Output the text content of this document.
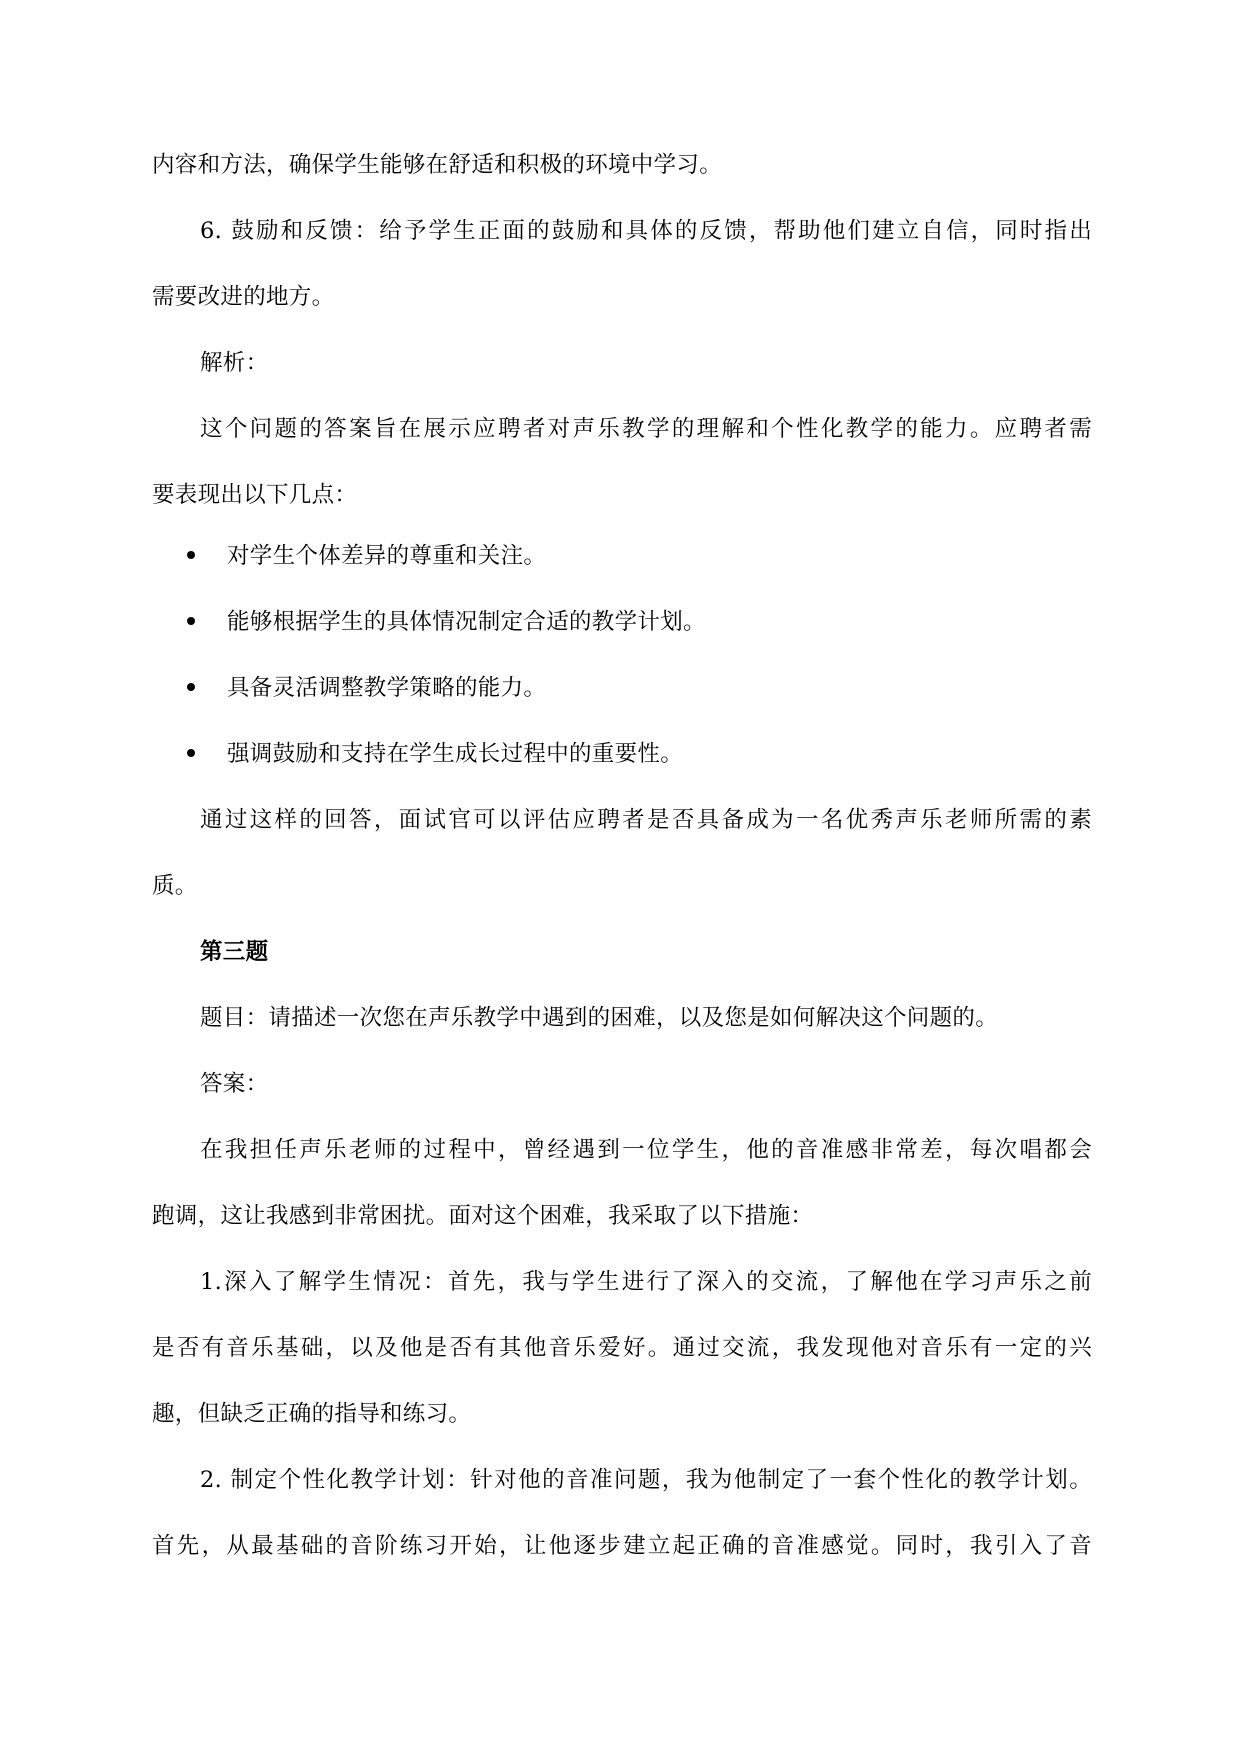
内容和方法，确保学生能够在舒适和积极的环境中学习。
6. 鼓励和反馈：给予学生正面的鼓励和具体的反馈，帮助他们建立自信，同时指出
需要改进的地方。
解析：
这个问题的答案旨在展示应聘者对声乐教学的理解和个性化教学的能力。应聘者需
要表现出以下几点：
对学生个体差异的尊重和关注。
能够根据学生的具体情况制定合适的教学计划。
具备灵活调整教学策略的能力。
强调鼓励和支持在学生成长过程中的重要性。
通过这样的回答，面试官可以评估应聘者是否具备成为一名优秀声乐老师所需的素
质。
第三题
题目：请描述一次您在声乐教学中遇到的困难，以及您是如何解决这个问题的。
答案：
在我担任声乐老师的过程中，曾经遇到一位学生，他的音准感非常差，每次唱都会
跑调，这让我感到非常困扰。面对这个困难，我采取了以下措施：
1.深入了解学生情况：首先，我与学生进行了深入的交流，了解他在学习声乐之前
是否有音乐基础，以及他是否有其他音乐爱好。通过交流，我发现他对音乐有一定的兴
趣，但缺乏正确的指导和练习。
2. 制定个性化教学计划：针对他的音准问题，我为他制定了一套个性化的教学计划。
首先，从最基础的音阶练习开始，让他逐步建立起正确的音准感觉。同时，我引入了音
